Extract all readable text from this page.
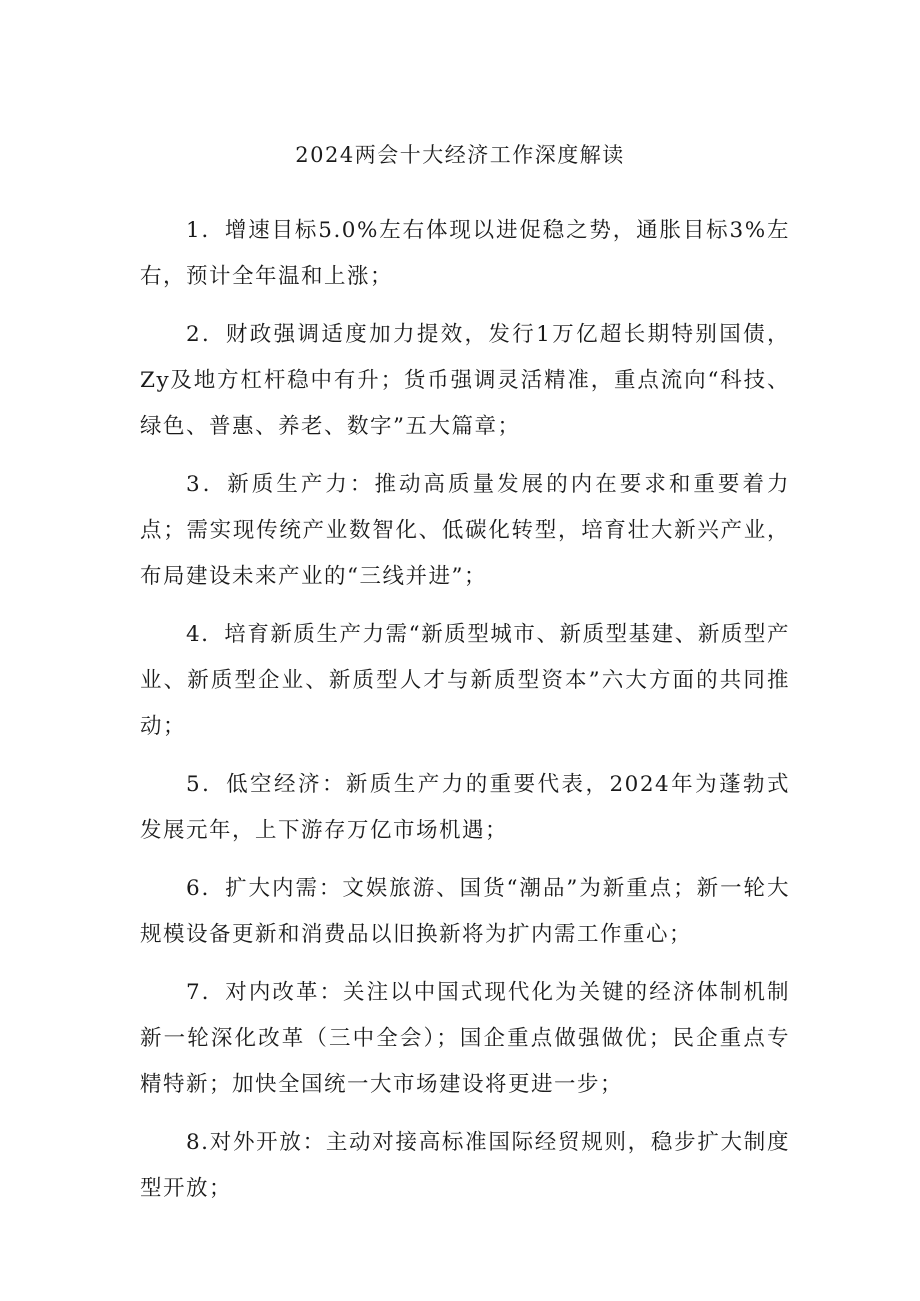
2024两会十大经济工作深度解读

1．增速目标5.0%左右体现以进促稳之势，通胀目标3%左右，预计全年温和上涨；

2．财政强调适度加力提效，发行1万亿超长期特别国债，Zy及地方杠杆稳中有升；货币强调灵活精准，重点流向“科技、绿色、普惠、养老、数字”五大篇章；

3．新质生产力：推动高质量发展的内在要求和重要着力点；需实现传统产业数智化、低碳化转型，培育壮大新兴产业，布局建设未来产业的“三线并进”；

4．培育新质生产力需“新质型城市、新质型基建、新质型产业、新质型企业、新质型人才与新质型资本”六大方面的共同推动；

5．低空经济：新质生产力的重要代表，2024年为蓬勃式发展元年，上下游存万亿市场机遇；

6．扩大内需：文娱旅游、国货“潮品”为新重点；新一轮大规模设备更新和消费品以旧换新将为扩内需工作重心；

7．对内改革：关注以中国式现代化为关键的经济体制机制新一轮深化改革（三中全会）；国企重点做强做优；民企重点专精特新；加快全国统一大市场建设将更进一步；

8.对外开放：主动对接高标准国际经贸规则，稳步扩大制度型开放；
